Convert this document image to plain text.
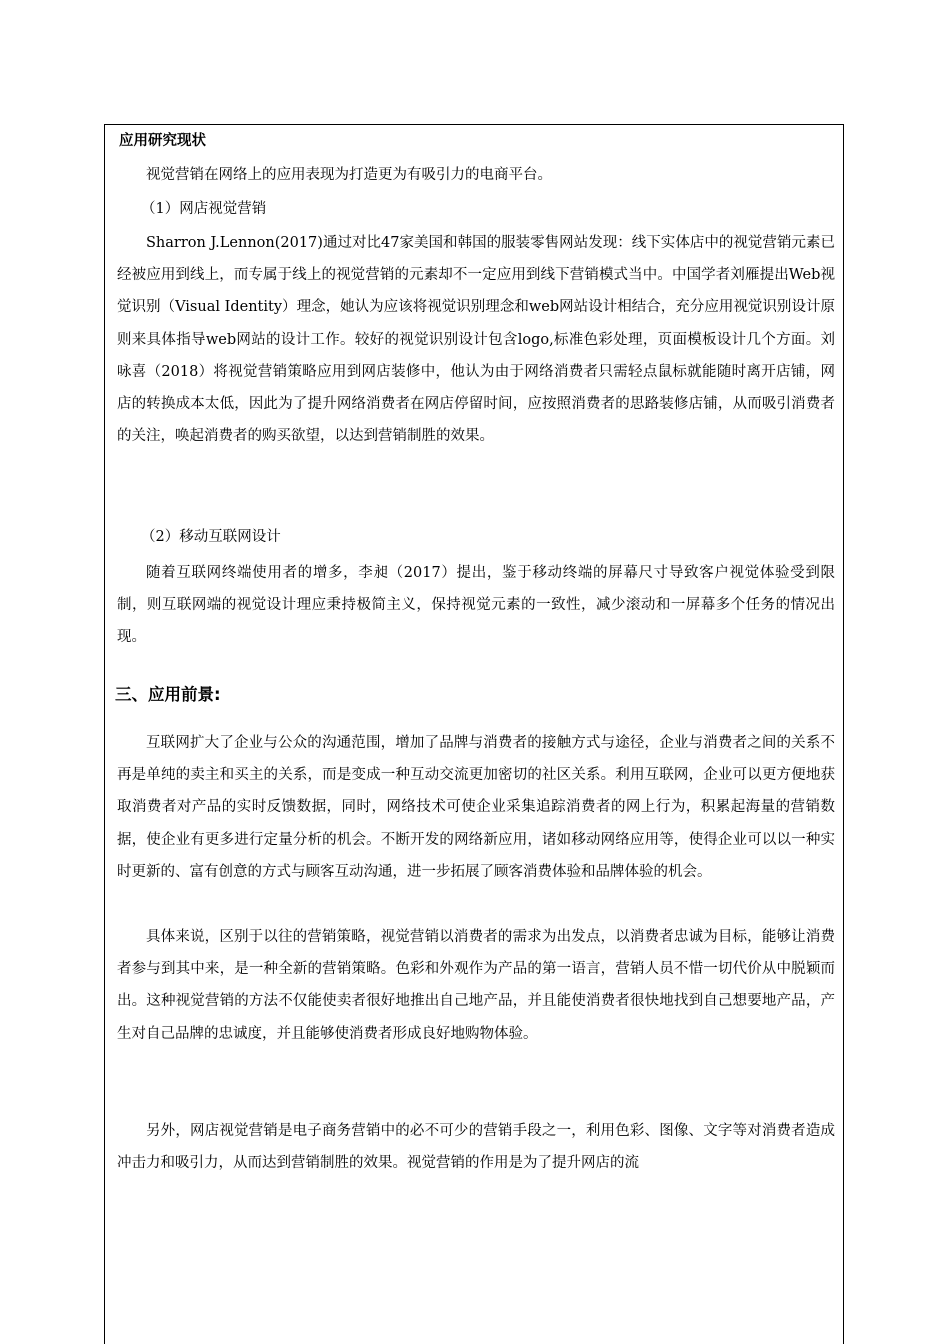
应用研究现状

视觉营销在网络上的应用表现为打造更为有吸引力的电商平台。

（1）网店视觉营销

Sharron J.Lennon(2017)通过对比47家美国和韩国的服装零售网站发现：线下实体店中的视觉营销元素已经被应用到线上，而专属于线上的视觉营销的元素却不一定应用到线下营销模式当中。中国学者刘雁提出Web视觉识别（Visual Identity）理念，她认为应该将视觉识别理念和web网站设计相结合，充分应用视觉识别设计原则来具体指导web网站的设计工作。较好的视觉识别设计包含logo,标准色彩处理，页面模板设计几个方面。刘咏喜（2018）将视觉营销策略应用到网店装修中，他认为由于网络消费者只需轻点鼠标就能随时离开店铺，网店的转换成本太低，因此为了提升网络消费者在网店停留时间，应按照消费者的思路装修店铺，从而吸引消费者的关注，唤起消费者的购买欲望，以达到营销制胜的效果。

（2）移动互联网设计

随着互联网终端使用者的增多，李昶（2017）提出，鉴于移动终端的屏幕尺寸导致客户视觉体验受到限制，则互联网端的视觉设计理应秉持极简主义，保持视觉元素的一致性，减少滚动和一屏幕多个任务的情况出现。

三、应用前景:

互联网扩大了企业与公众的沟通范围，增加了品牌与消费者的接触方式与途径，企业与消费者之间的关系不再是单纯的卖主和买主的关系，而是变成一种互动交流更加密切的社区关系。利用互联网，企业可以更方便地获取消费者对产品的实时反馈数据，同时，网络技术可使企业采集追踪消费者的网上行为，积累起海量的营销数据，使企业有更多进行定量分析的机会。不断开发的网络新应用，诸如移动网络应用等，使得企业可以以一种实时更新的、富有创意的方式与顾客互动沟通，进一步拓展了顾客消费体验和品牌体验的机会。

具体来说，区别于以往的营销策略，视觉营销以消费者的需求为出发点，以消费者忠诚为目标，能够让消费者参与到其中来，是一种全新的营销策略。色彩和外观作为产品的第一语言，营销人员不惜一切代价从中脱颖而出。这种视觉营销的方法不仅能使卖者很好地推出自己地产品，并且能使消费者很快地找到自己想要地产品，产生对自己品牌的忠诚度，并且能够使消费者形成良好地购物体验。

另外，网店视觉营销是电子商务营销中的必不可少的营销手段之一，利用色彩、图像、文字等对消费者造成冲击力和吸引力，从而达到营销制胜的效果。视觉营销的作用是为了提升网店的流
